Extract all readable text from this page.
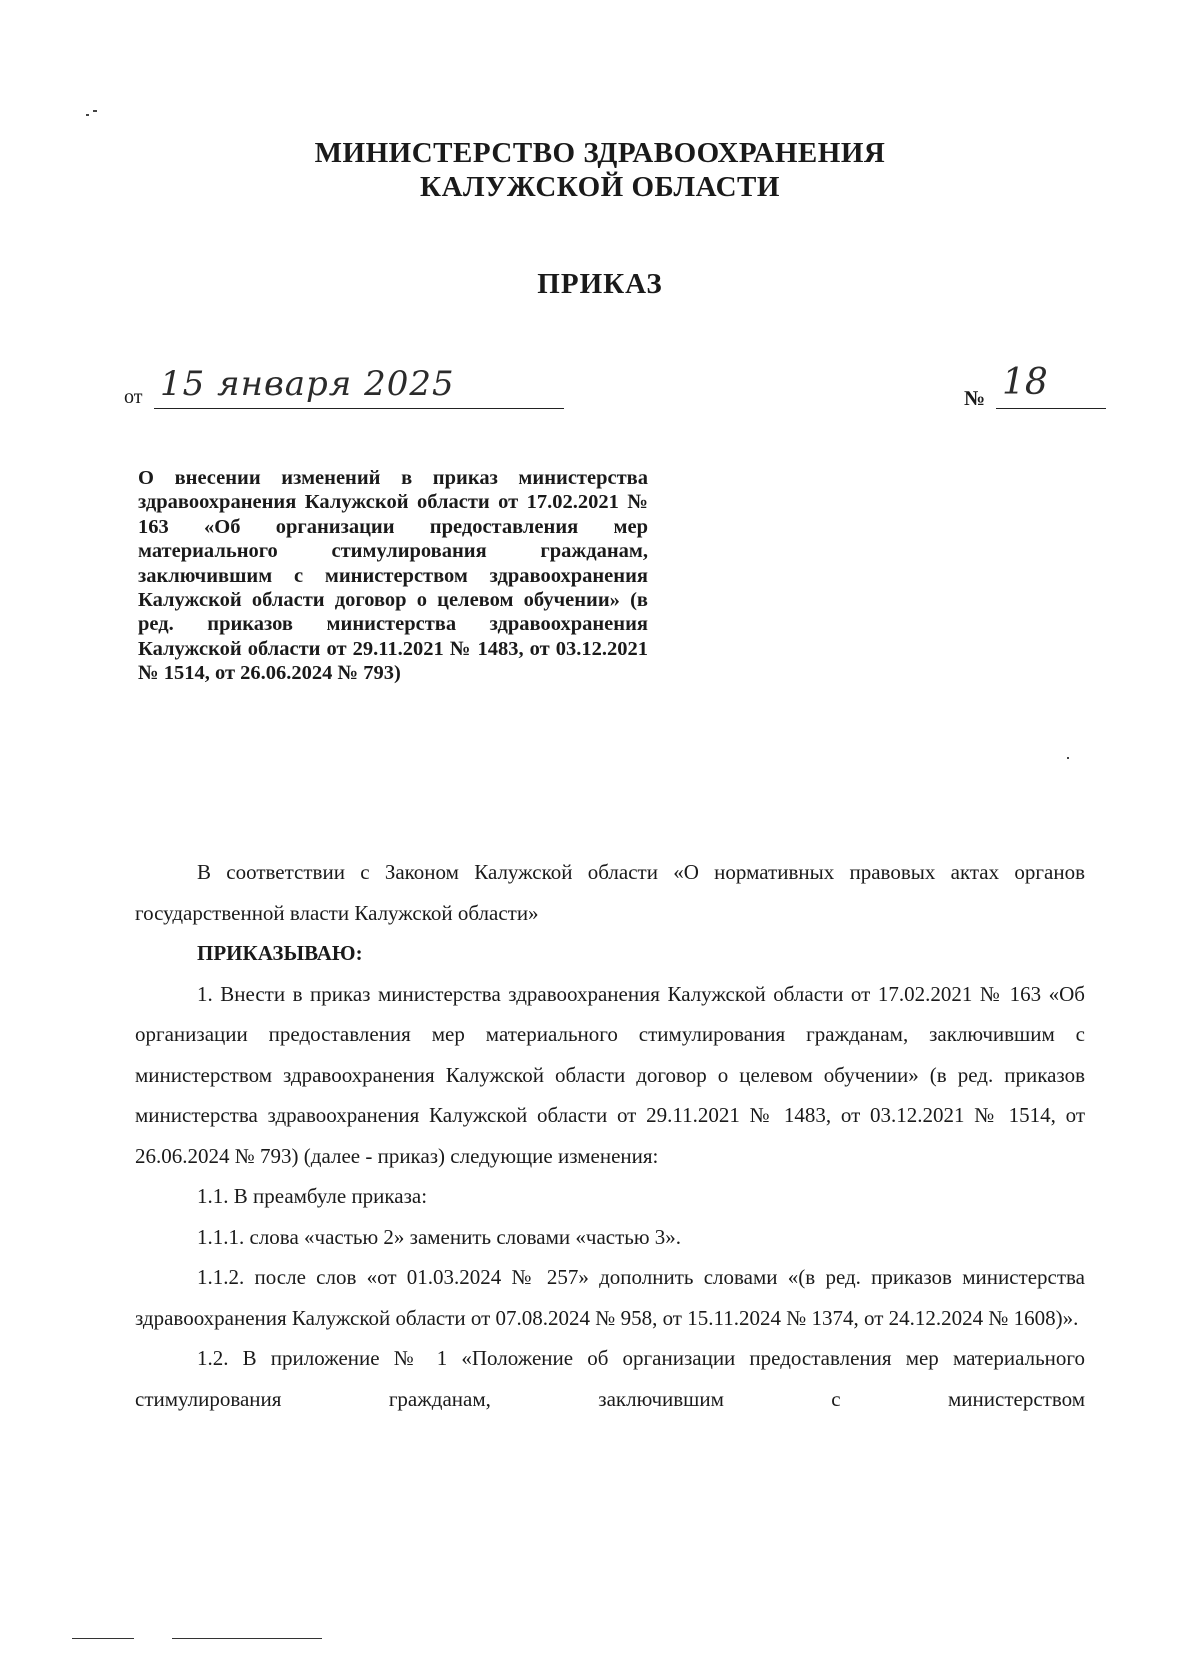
МИНИСТЕРСТВО ЗДРАВООХРАНЕНИЯ
КАЛУЖСКОЙ ОБЛАСТИ
ПРИКАЗ
от 15 января 2025	№ 18
О внесении изменений в приказ министерства здравоохранения Калужской области от 17.02.2021 № 163 «Об организации предоставления мер материального стимулирования гражданам, заключившим с министерством здравоохранения Калужской области договор о целевом обучении» (в ред. приказов министерства здравоохранения Калужской области от 29.11.2021 № 1483, от 03.12.2021 № 1514, от 26.06.2024 № 793)

В соответствии с Законом Калужской области «О нормативных правовых актах органов государственной власти Калужской области»

ПРИКАЗЫВАЮ:

1. Внести в приказ министерства здравоохранения Калужской области от 17.02.2021 № 163 «Об организации предоставления мер материального стимулирования гражданам, заключившим с министерством здравоохранения Калужской области договор о целевом обучении» (в ред. приказов министерства здравоохранения Калужской области от 29.11.2021 № 1483, от 03.12.2021 № 1514, от 26.06.2024 № 793) (далее - приказ) следующие изменения:

1.1. В преамбуле приказа:

1.1.1. слова «частью 2» заменить словами «частью 3».

1.1.2. после слов «от 01.03.2024 № 257» дополнить словами «(в ред. приказов министерства здравоохранения Калужской области от 07.08.2024 № 958, от 15.11.2024 № 1374, от 24.12.2024 № 1608)».

1.2. В приложение № 1 «Положение об организации предоставления мер материального стимулирования гражданам, заключившим с министерством
